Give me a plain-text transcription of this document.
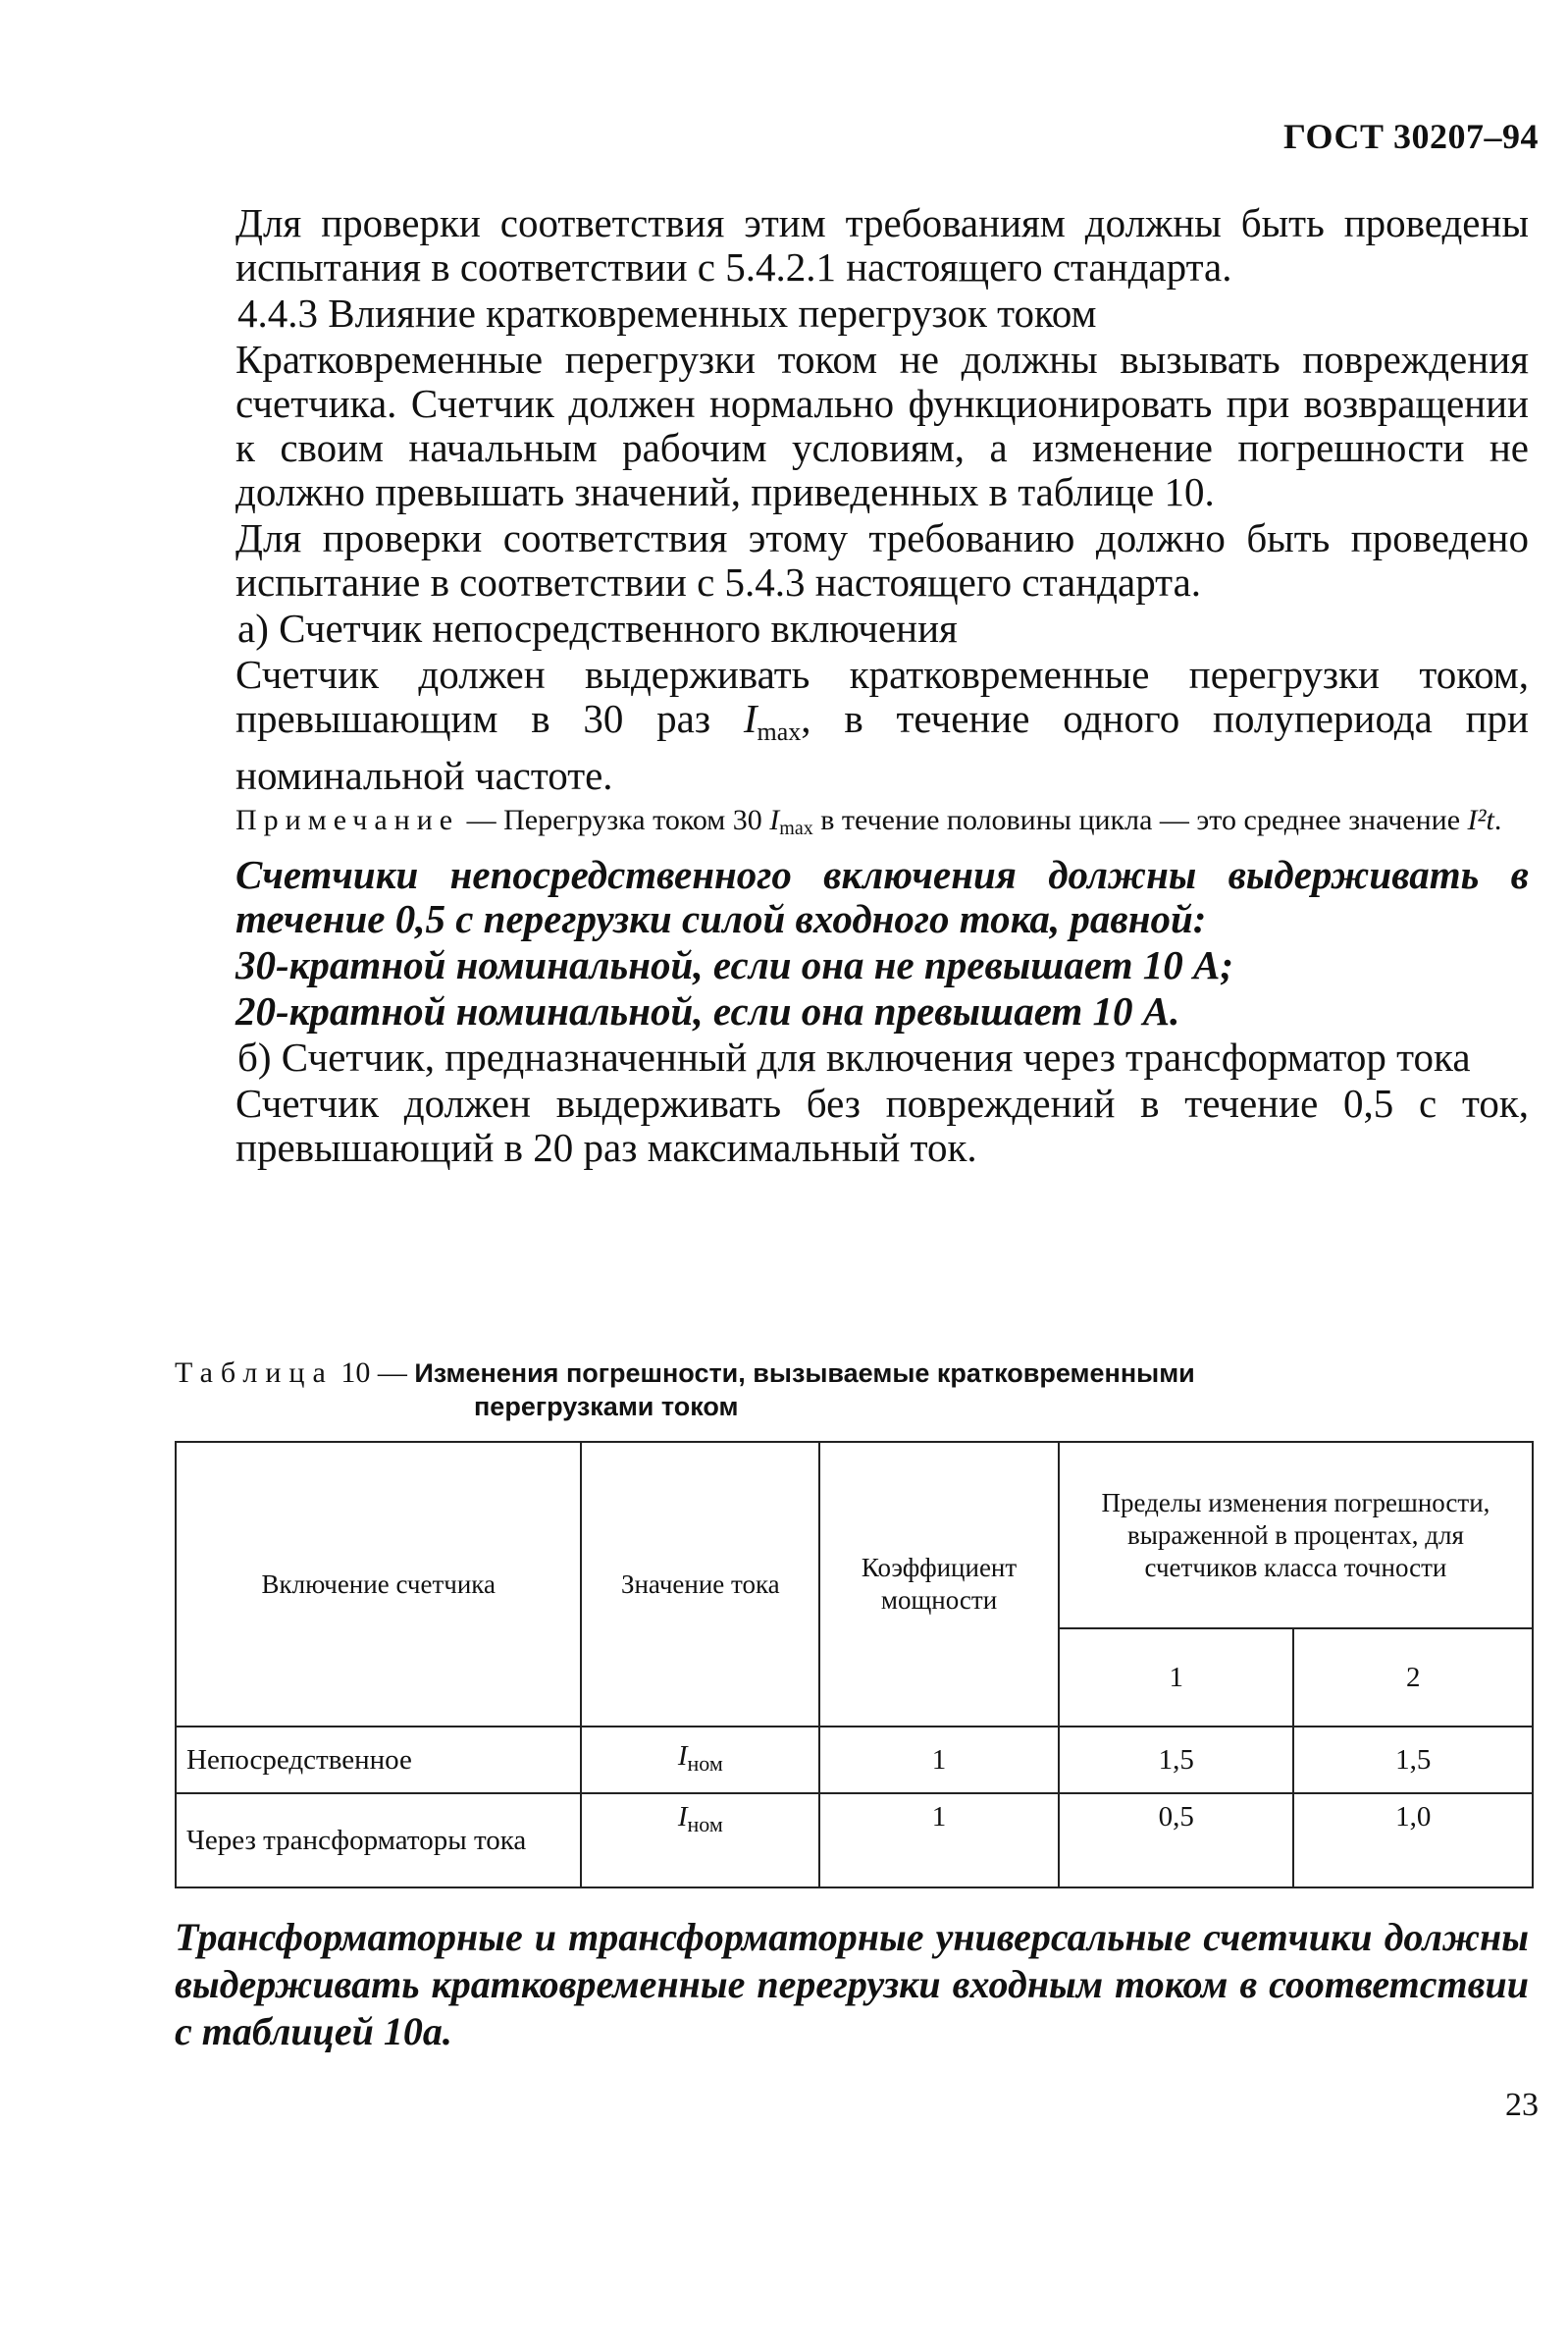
ГОСТ 30207–94

Для проверки соответствия этим требованиям должны быть проведены испытания в соответствии с 5.4.2.1 настоящего стандарта.

4.4.3 Влияние кратковременных перегрузок током

Кратковременные перегрузки током не должны вызывать повреждения счетчика. Счетчик должен нормально функционировать при возвращении к своим начальным рабочим условиям, а изменение погрешности не должно превышать значений, приведенных в таблице 10.

Для проверки соответствия этому требованию должно быть проведено испытание в соответствии с 5.4.3 настоящего стандарта.

а) Счетчик непосредственного включения

Счетчик должен выдерживать кратковременные перегрузки током, превышающим в 30 раз $I_{max}$, в течение одного полупериода при номинальной частоте.

Примечание — Перегрузка током 30 $I_{max}$ в течение половины цикла — это среднее значение I²t.

Счетчики непосредственного включения должны выдерживать в течение 0,5 с перегрузки силой входного тока, равной:

30-кратной номинальной, если она не превышает 10 А;

20-кратной номинальной, если она превышает 10 А.

б) Счетчик, предназначенный для включения через трансформатор тока

Счетчик должен выдерживать без повреждений в течение 0,5 с ток, превышающий в 20 раз максимальный ток.

Таблица 10 — Изменения погрешности, вызываемые кратковременными
перегрузками током
Включение счетчика	Значение тока	Коэффициент мощности	Пределы изменения погрешности, выраженной в процентах, для счетчиков класса точности	
			1	2
Непосредственное	$I_{ном}$	1	1,5	1,5
Через трансформаторы тока	$I_{ном}$	1	0,5	1,0
Трансформаторные и трансформаторные универсальные счетчики должны выдерживать кратковременные перегрузки входным током в соответствии с таблицей 10а.
23
